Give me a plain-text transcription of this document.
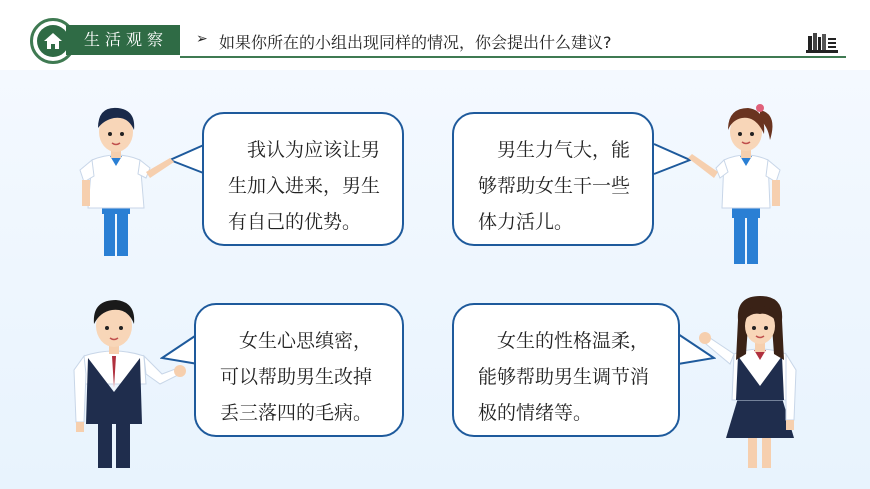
生活观察	➢ 如果你所在的小组出现同样的情况，你会提出什么建议?
我认为应该让男
生加入进来，男生
有自己的优势。
男生力气大，能
够帮助女生干一些
体力活儿。
女生心思缜密，
可以帮助男生改掉
丢三落四的毛病。
女生的性格温柔，
能够帮助男生调节消
极的情绪等。
